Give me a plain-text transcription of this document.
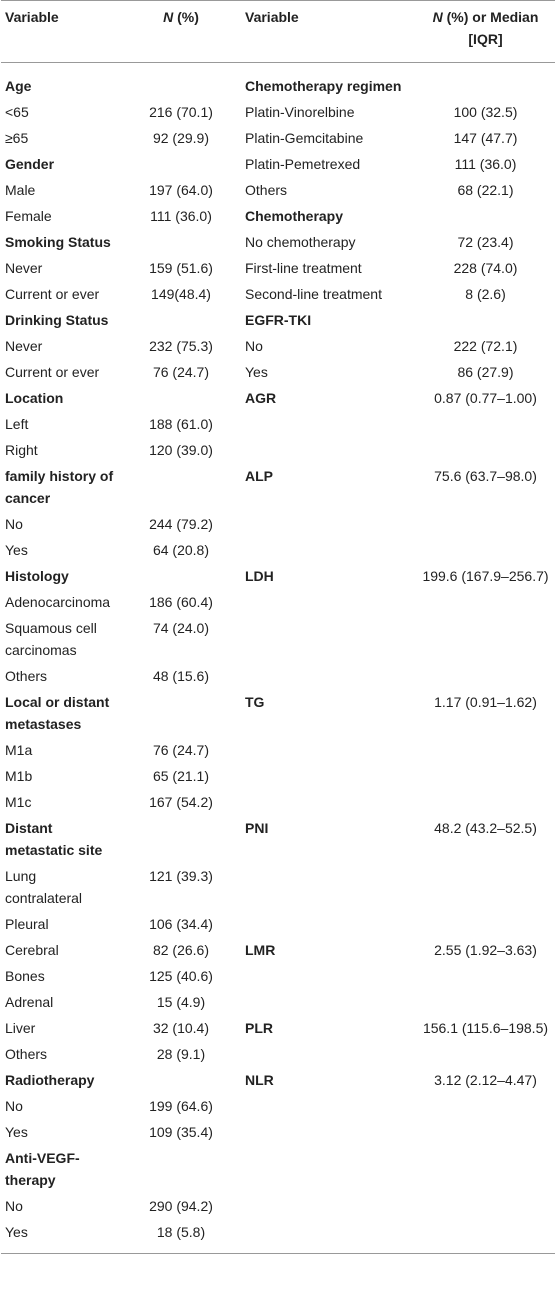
Variable	N (%)	Variable	N (%) or Median [IQR]
Age		Chemotherapy regimen	
<65	216 (70.1)	Platin-Vinorelbine	100 (32.5)
≥65	92 (29.9)	Platin-Gemcitabine	147 (47.7)
Gender		Platin-Pemetrexed	111 (36.0)
Male	197 (64.0)	Others	68 (22.1)
Female	111 (36.0)	Chemotherapy	
Smoking Status		No chemotherapy	72 (23.4)
Never	159 (51.6)	First-line treatment	228 (74.0)
Current or ever	149(48.4)	Second-line treatment	8 (2.6)
Drinking Status		EGFR-TKI	
Never	232 (75.3)	No	222 (72.1)
Current or ever	76 (24.7)	Yes	86 (27.9)
Location		AGR	0.87 (0.77–1.00)
Left	188 (61.0)		
Right	120 (39.0)		
family history of cancer		ALP	75.6 (63.7–98.0)
No	244 (79.2)		
Yes	64 (20.8)		
Histology		LDH	199.6 (167.9–256.7)
Adenocarcinoma	186 (60.4)		
Squamous cell carcinomas	74 (24.0)		
Others	48 (15.6)		
Local or distant metastases		TG	1.17 (0.91–1.62)
M1a	76 (24.7)		
M1b	65 (21.1)		
M1c	167 (54.2)		
Distant metastatic site		PNI	48.2 (43.2–52.5)
Lung contralateral	121 (39.3)		
Pleural	106 (34.4)		
Cerebral	82 (26.6)	LMR	2.55 (1.92–3.63)
Bones	125 (40.6)		
Adrenal	15 (4.9)		
Liver	32 (10.4)	PLR	156.1 (115.6–198.5)
Others	28 (9.1)		
Radiotherapy		NLR	3.12 (2.12–4.47)
No	199 (64.6)		
Yes	109 (35.4)		
Anti-VEGF-therapy			
No	290 (94.2)		
Yes	18 (5.8)		
